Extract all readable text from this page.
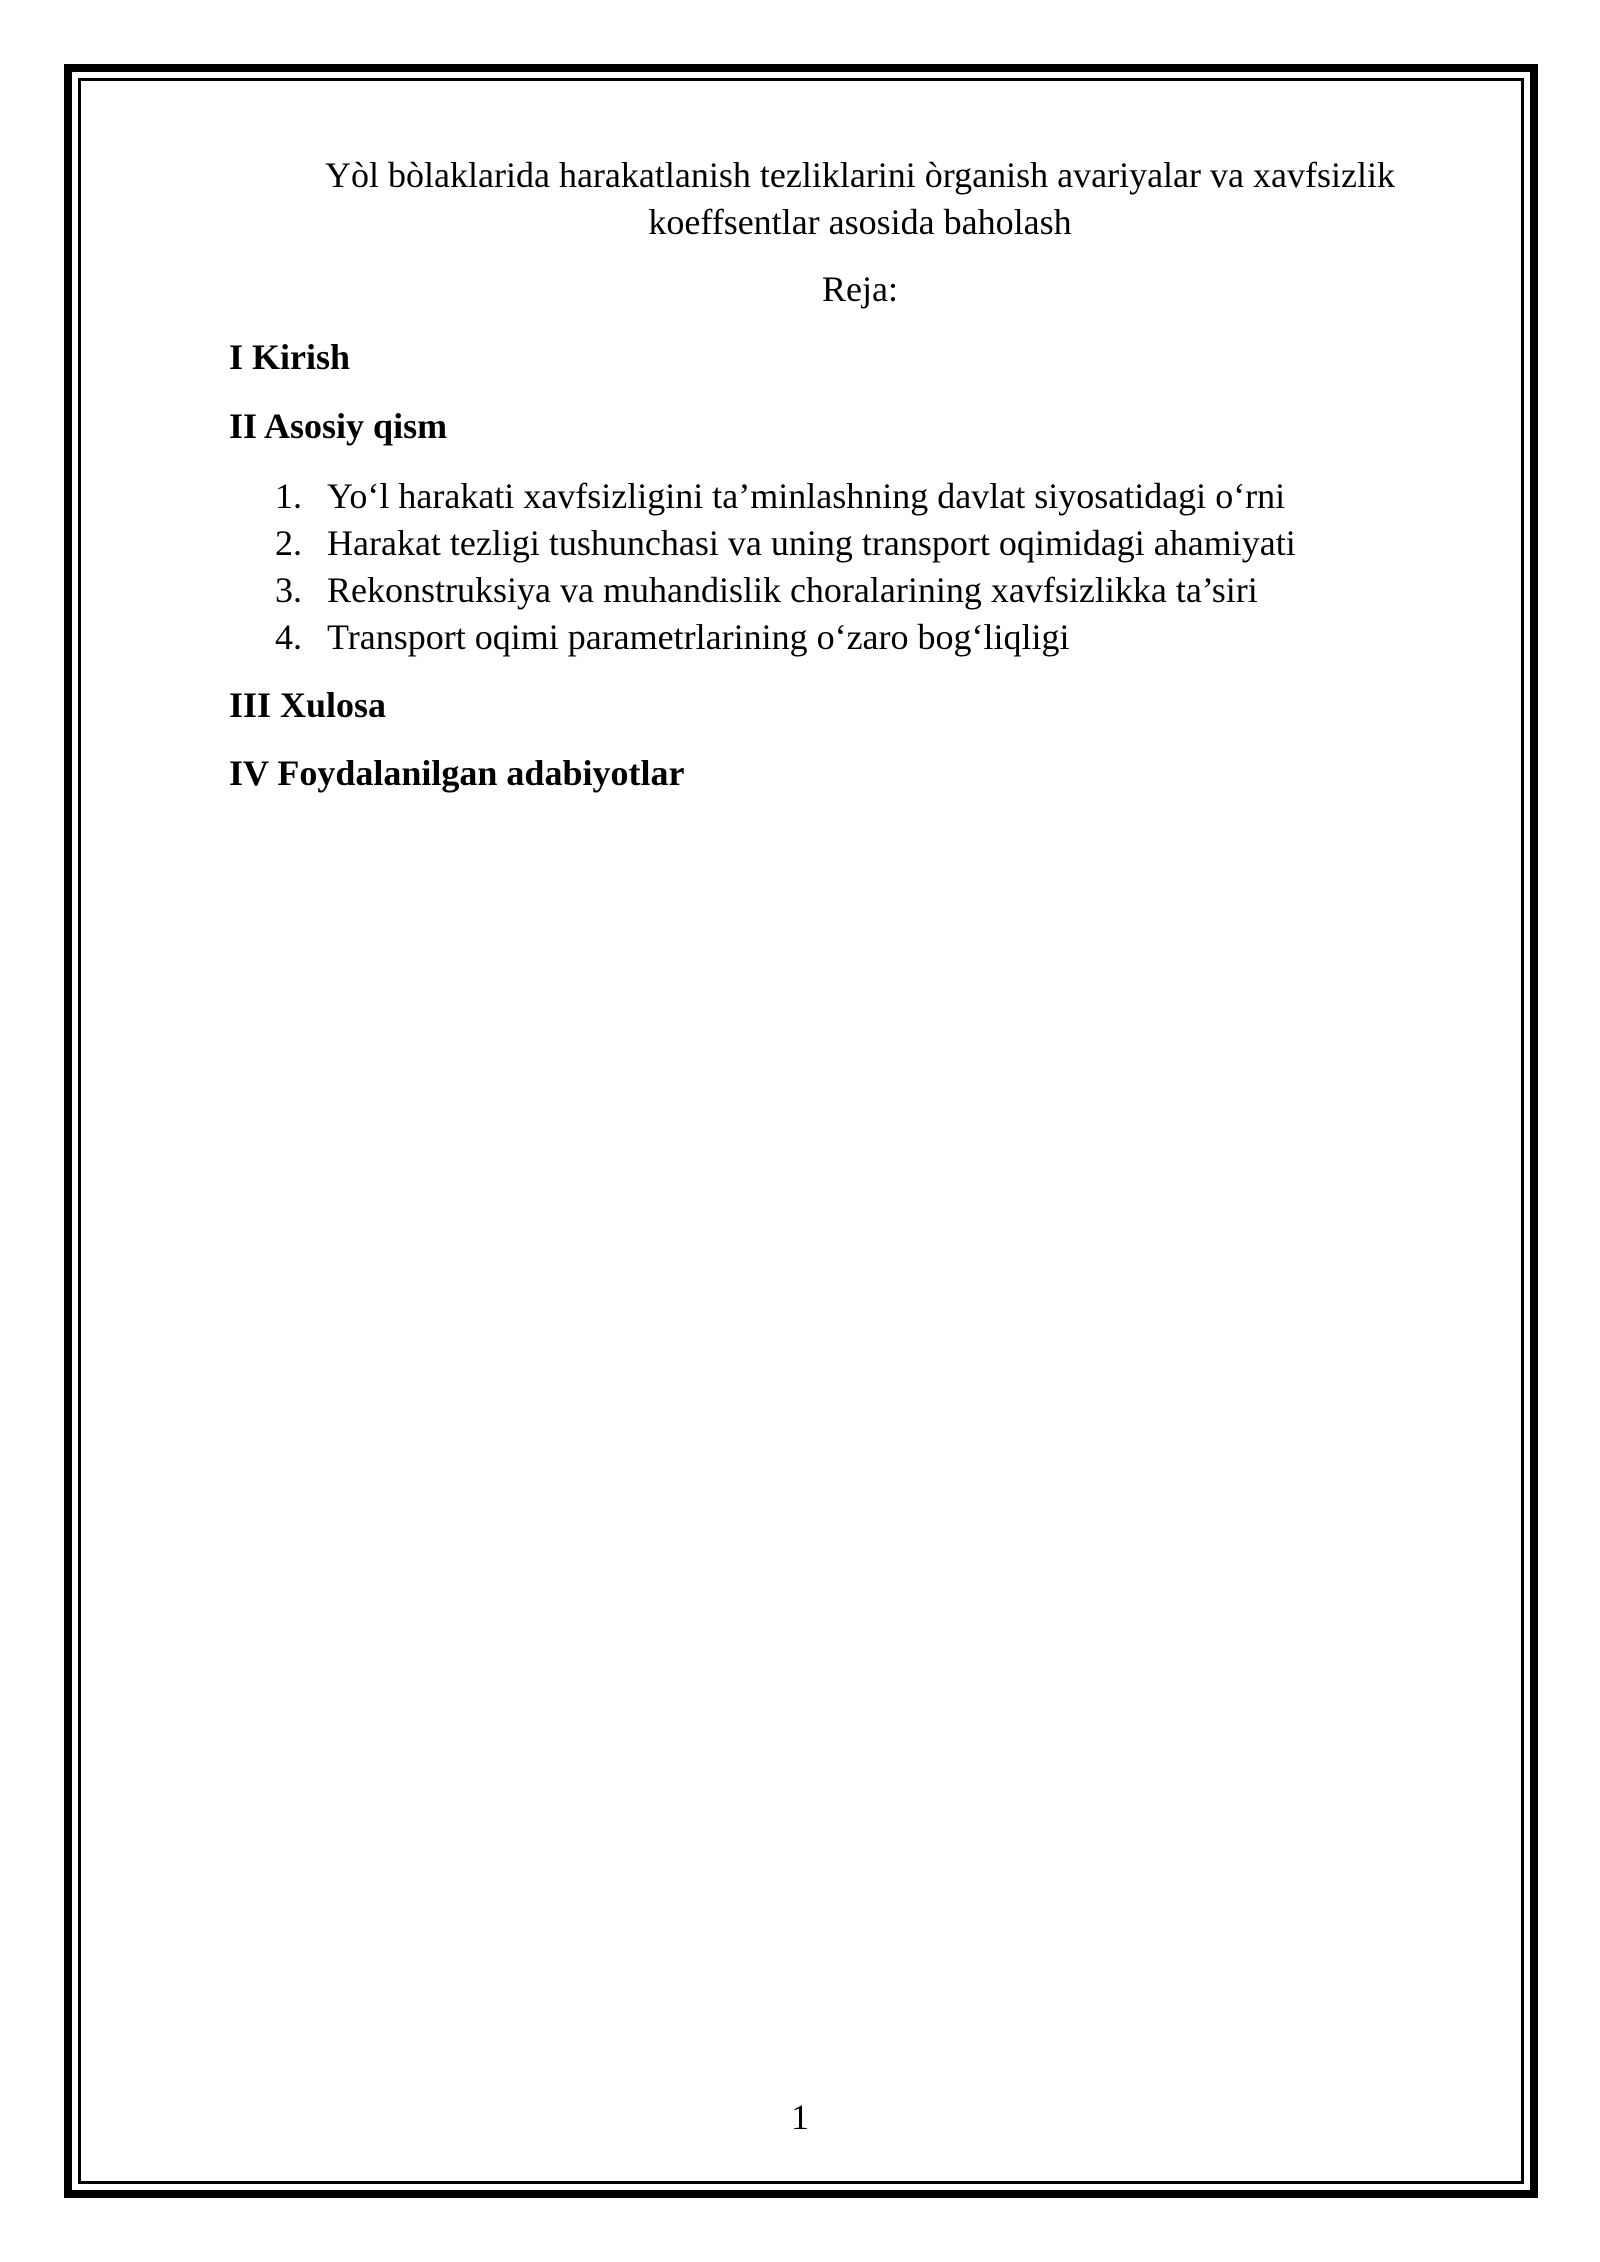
Yòl bòlaklarida harakatlanish tezliklarini òrganish avariyalar va xavfsizlik koeffsentlar asosida baholash

Reja:

I Kirish

II Asosiy qism

1. Yo‘l harakati xavfsizligini ta’minlashning davlat siyosatidagi o‘rni
2. Harakat tezligi tushunchasi va uning transport oqimidagi ahamiyati
3. Rekonstruksiya va muhandislik choralarining xavfsizlikka ta’siri
4. Transport oqimi parametrlarining o‘zaro bog‘liqligi

III Xulosa

IV Foydalanilgan adabiyotlar

1
